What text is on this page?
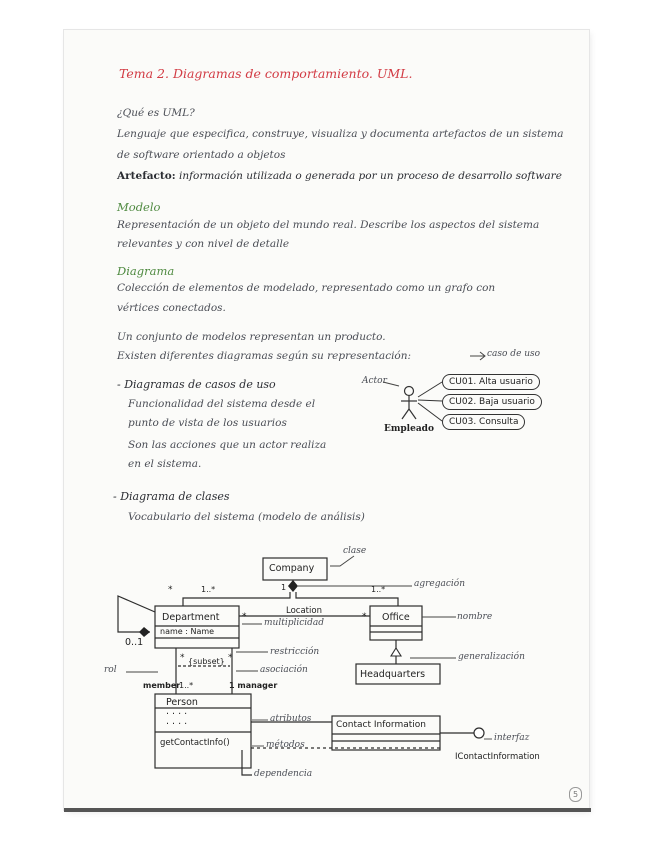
Tema 2. Diagramas de comportamiento. UML.
¿Qué es UML?
Lenguaje que especifica, construye, visualiza y documenta artefactos de un sistema
de software orientado a objetos
Artefacto: información utilizada o generada por un proceso de desarrollo software
Modelo
Representación de un objeto del mundo real. Describe los aspectos del sistema
relevantes y con nivel de detalle
Diagrama
Colección de elementos de modelado, representado como un grafo con
vértices conectados.
Un conjunto de modelos representan un producto.
Existen diferentes diagramas según su representación:	caso de uso
- Diagramas de casos de uso
Funcionalidad del sistema desde el
punto de vista de los usuarios
Son las acciones que un actor realiza
en el sistema.
Actor
Empleado
CU01. Alta usuario
CU02. Baja usuario
CU03. Consulta
- Diagrama de clases
Vocabulario del sistema (modelo de análisis)
clase
Company
Department
name : Name
Office
Headquarters
Person
· · · ·
· · · ·
getContactInfo()
Contact Information
IContactInformation
Location
1..*	1..*
*
*	*
0..1
1
{subset}
*	*
member
1..*	1 manager
agregación
nombre
multiplicidad
restricción	generalización
rol	asociación
atributos
interfaz
métodos
dependencia
5
